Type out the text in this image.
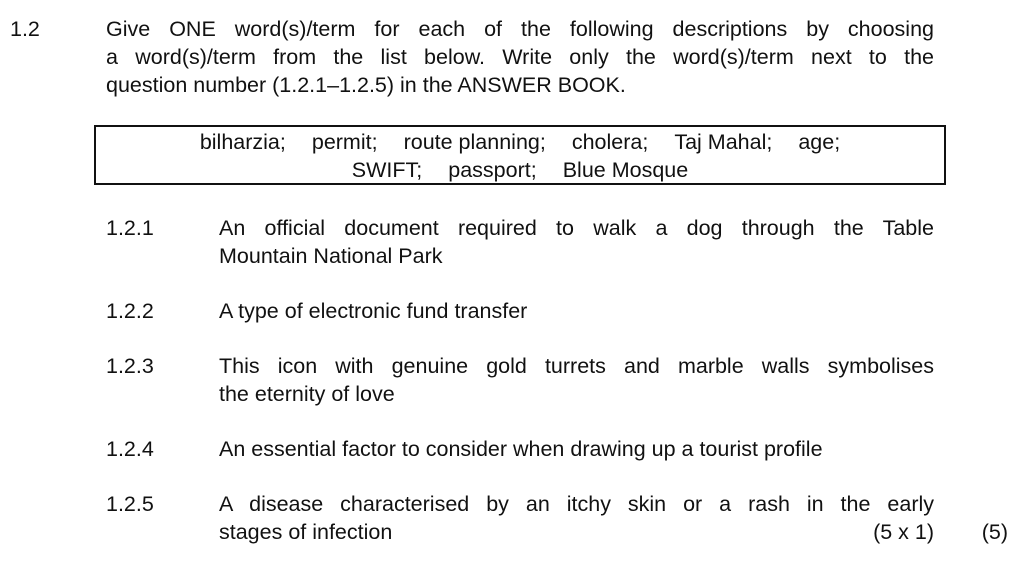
1.2	Give ONE word(s)/term for each of the following descriptions by choosing
a word(s)/term from the list below. Write only the word(s)/term next to the
question number (1.2.1–1.2.5) in the ANSWER BOOK.
bilharzia; permit; route planning; cholera; Taj Mahal; age;
SWIFT; passport; Blue Mosque
1.2.1	An official document required to walk a dog through the Table
Mountain National Park
1.2.2	A type of electronic fund transfer
1.2.3	This icon with genuine gold turrets and marble walls symbolises
the eternity of love
1.2.4	An essential factor to consider when drawing up a tourist profile
1.2.5	A disease characterised by an itchy skin or a rash in the early
stages of infection	(5 x 1) (5)
